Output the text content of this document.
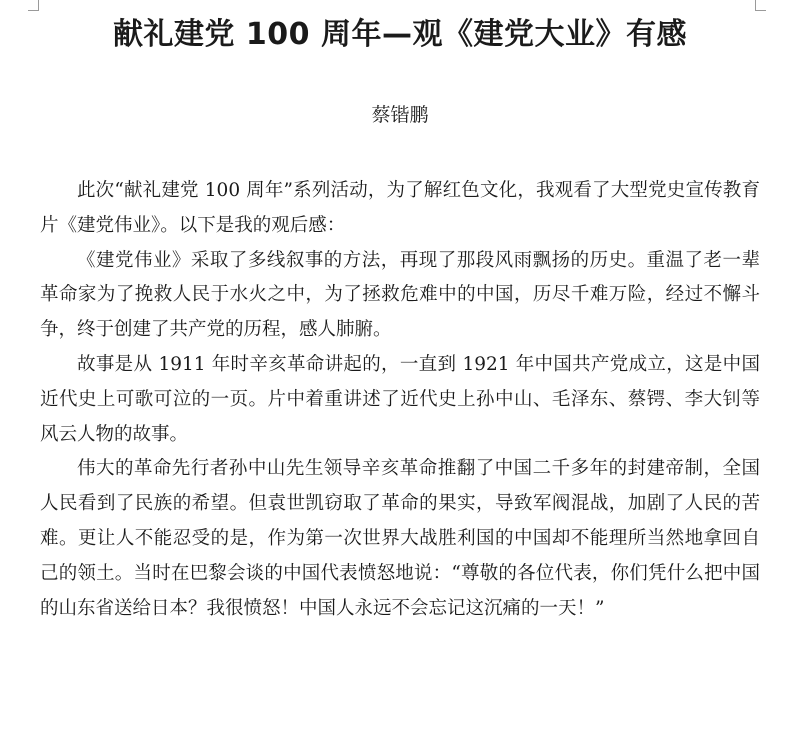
献礼建党 100 周年—观《建党大业》有感
蔡锴鹏

此次“献礼建党 100 周年”系列活动，为了解红色文化，我观看了大型党史宣传教育片《建党伟业》。以下是我的观后感：

《建党伟业》采取了多线叙事的方法，再现了那段风雨飘扬的历史。重温了老一辈革命家为了挽救人民于水火之中，为了拯救危难中的中国，历尽千难万险，经过不懈斗争，终于创建了共产党的历程，感人肺腑。

故事是从 1911 年时辛亥革命讲起的，一直到 1921 年中国共产党成立，这是中国近代史上可歌可泣的一页。片中着重讲述了近代史上孙中山、毛泽东、蔡锷、李大钊等风云人物的故事。

伟大的革命先行者孙中山先生领导辛亥革命推翻了中国二千多年的封建帝制，全国人民看到了民族的希望。但袁世凯窃取了革命的果实，导致军阀混战，加剧了人民的苦难。更让人不能忍受的是，作为第一次世界大战胜利国的中国却不能理所当然地拿回自己的领土。当时在巴黎会谈的中国代表愤怒地说：“尊敬的各位代表，你们凭什么把中国的山东省送给日本？我很愤怒！中国人永远不会忘记这沉痛的一天！”
